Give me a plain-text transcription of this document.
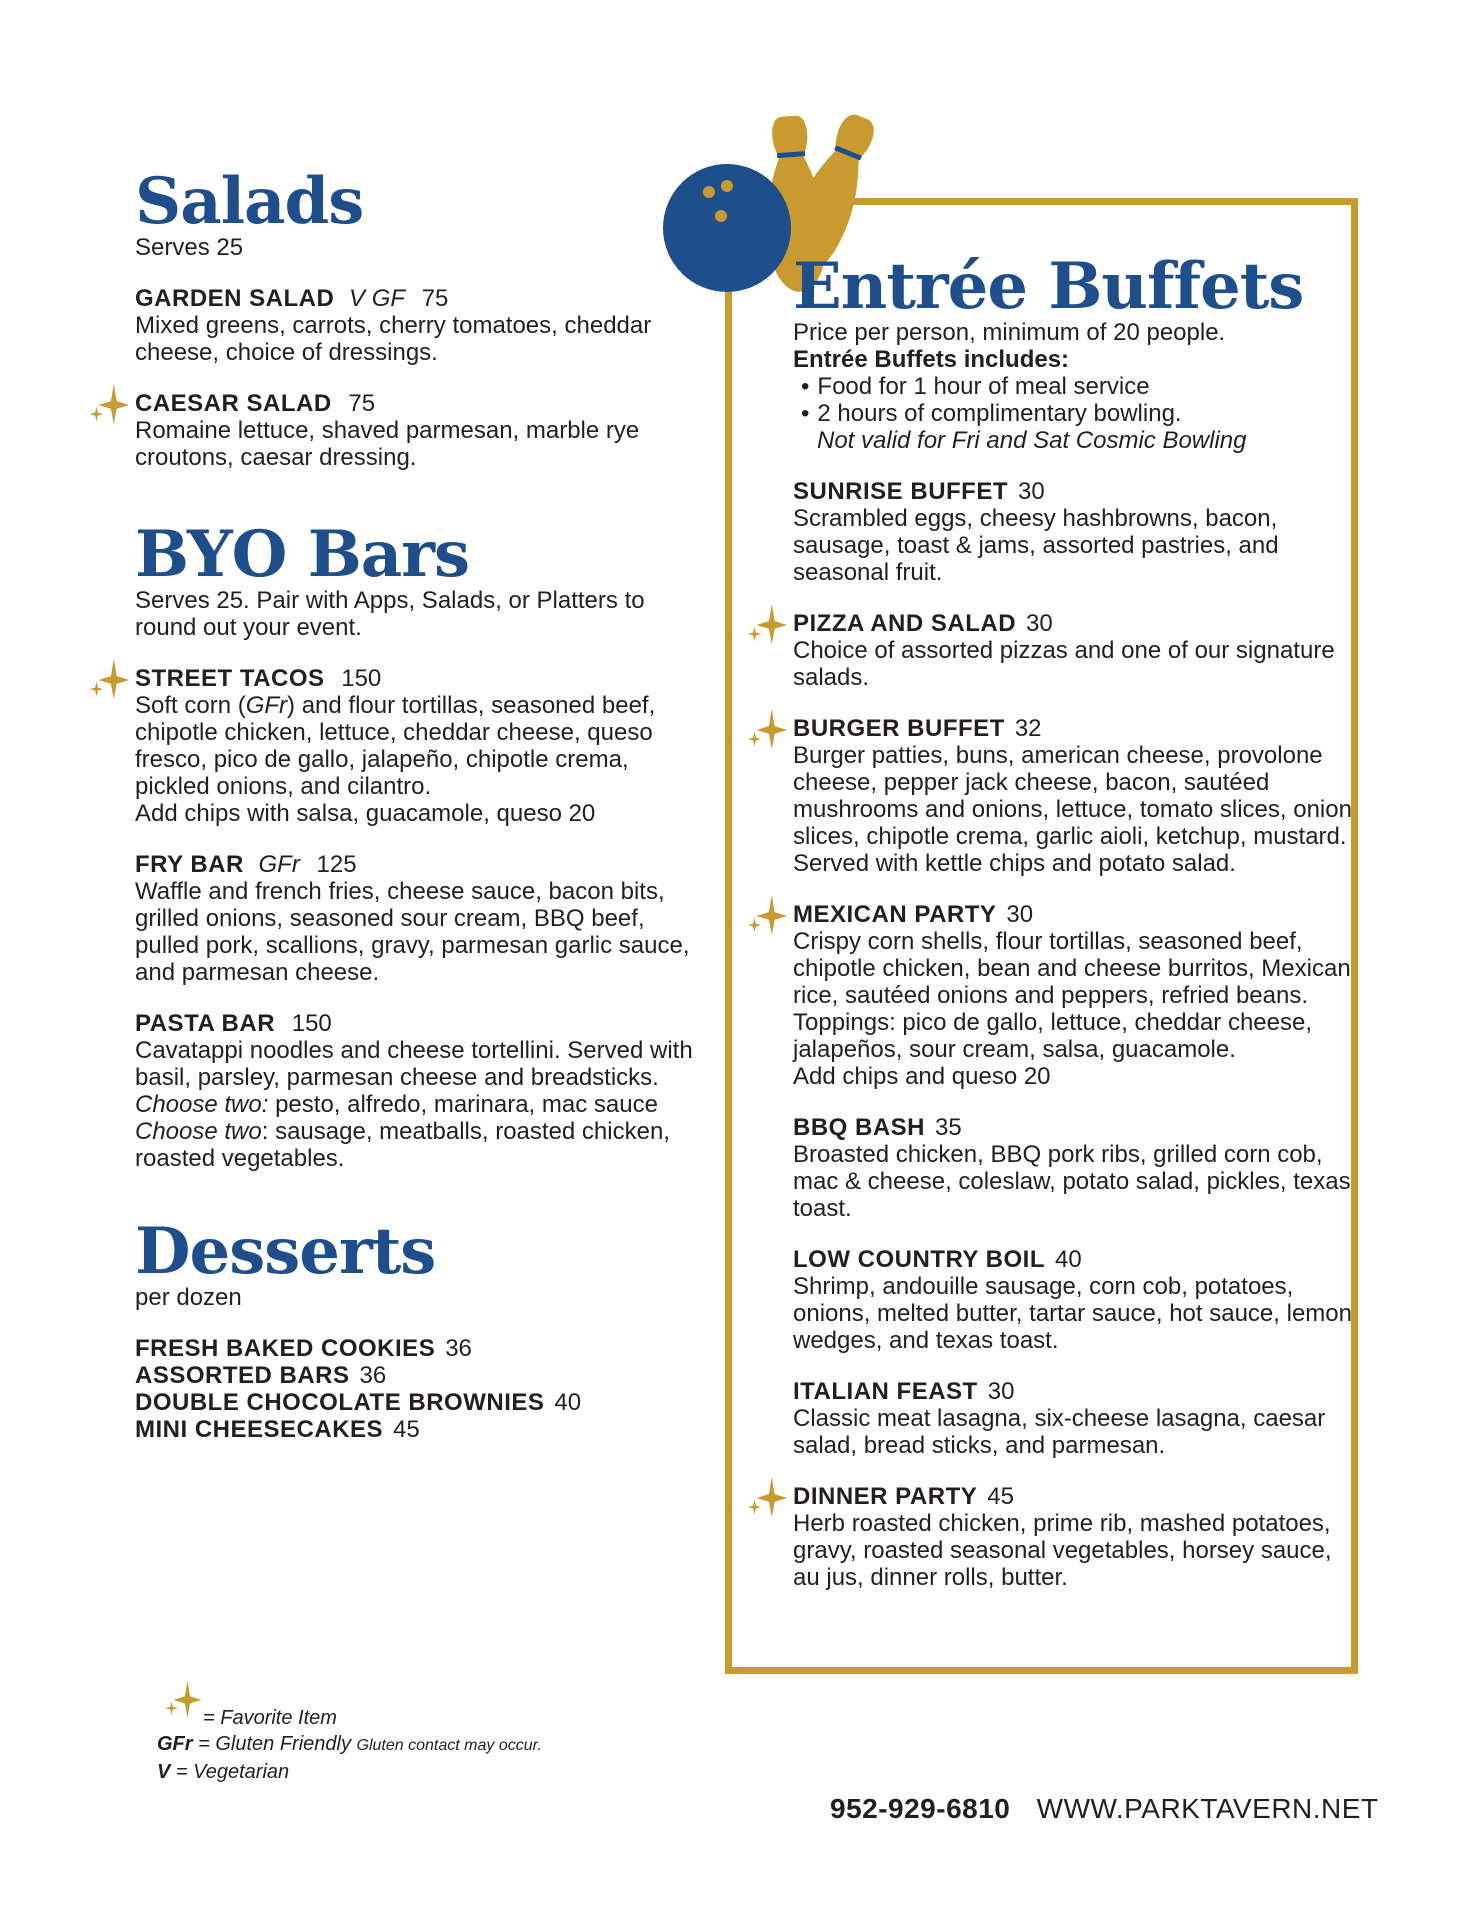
Salads

Serves 25

GARDEN SALAD V GF 75

Mixed greens, carrots, cherry tomatoes, cheddar cheese, choice of dressings.

CAESAR SALAD 75

Romaine lettuce, shaved parmesan, marble rye croutons, caesar dressing.

BYO Bars

Serves 25. Pair with Apps, Salads, or Platters to round out your event.

STREET TACOS 150

Soft corn (GFr) and flour tortillas, seasoned beef, chipotle chicken, lettuce, cheddar cheese, queso fresco, pico de gallo, jalapeño, chipotle crema, pickled onions, and cilantro.

Add chips with salsa, guacamole, queso 20

FRY BAR GFr 125

Waffle and french fries, cheese sauce, bacon bits, grilled onions, seasoned sour cream, BBQ beef, pulled pork, scallions, gravy, parmesan garlic sauce, and parmesan cheese.

PASTA BAR 150

Cavatappi noodles and cheese tortellini. Served with basil, parsley, parmesan cheese and breadsticks.

Choose two: pesto, alfredo, marinara, mac sauce

Choose two: sausage, meatballs, roasted chicken, roasted vegetables.

Desserts

per dozen

FRESH BAKED COOKIES 36
ASSORTED BARS 36
DOUBLE CHOCOLATE BROWNIES 40
MINI CHEESECAKES 45
Entrée Buffets

Price per person, minimum of 20 people.

Entrée Buffets includes:

• Food for 1 hour of meal service
• 2 hours of complimentary bowling.

Not valid for Fri and Sat Cosmic Bowling

SUNRISE BUFFET 30

Scrambled eggs, cheesy hashbrowns, bacon, sausage, toast & jams, assorted pastries, and seasonal fruit.

PIZZA AND SALAD 30

Choice of assorted pizzas and one of our signature salads.

BURGER BUFFET 32

Burger patties, buns, american cheese, provolone cheese, pepper jack cheese, bacon, sautéed mushrooms and onions, lettuce, tomato slices, onion slices, chipotle crema, garlic aioli, ketchup, mustard. Served with kettle chips and potato salad.

MEXICAN PARTY 30

Crispy corn shells, flour tortillas, seasoned beef, chipotle chicken, bean and cheese burritos, Mexican rice, sautéed onions and peppers, refried beans. Toppings: pico de gallo, lettuce, cheddar cheese, jalapeños, sour cream, salsa, guacamole.

Add chips and queso 20

BBQ BASH 35

Broasted chicken, BBQ pork ribs, grilled corn cob, mac & cheese, coleslaw, potato salad, pickles, texas toast.

LOW COUNTRY BOIL 40

Shrimp, andouille sausage, corn cob, potatoes, onions, melted butter, tartar sauce, hot sauce, lemon wedges, and texas toast.

ITALIAN FEAST 30

Classic meat lasagna, six-cheese lasagna, caesar salad, bread sticks, and parmesan.

DINNER PARTY 45

Herb roasted chicken, prime rib, mashed potatoes, gravy, roasted seasonal vegetables, horsey sauce, au jus, dinner rolls, butter.

= Favorite Item
GFr = Gluten Friendly Gluten contact may occur.
V = Vegetarian
952-929-6810 WWW.PARKTAVERN.NET
